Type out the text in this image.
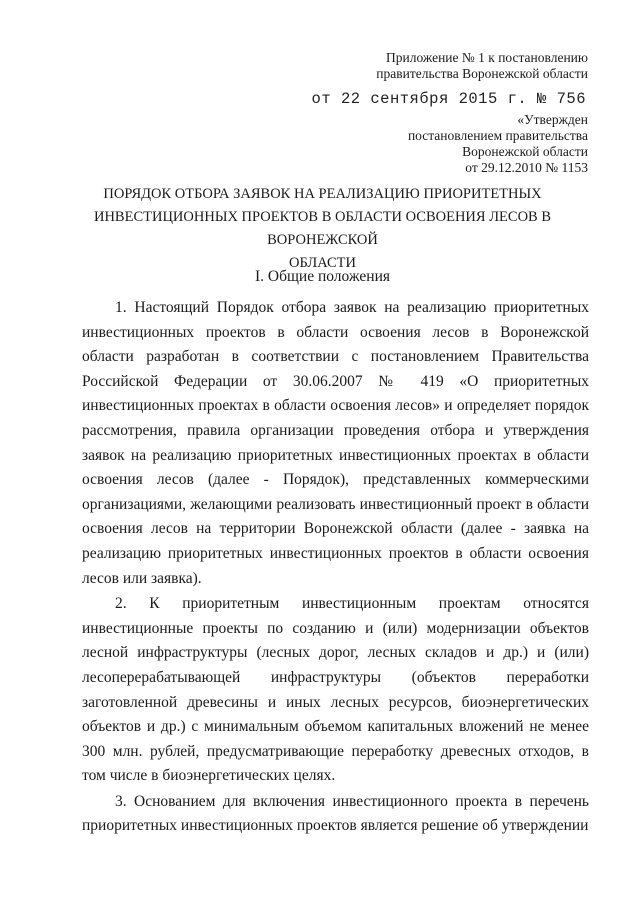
Приложение № 1 к постановлению
правительства Воронежской области
от 22 сентября 2015 г. № 756
«Утвержден
постановлением правительства
Воронежской области
от 29.12.2010 № 1153
ПОРЯДОК ОТБОРА ЗАЯВОК НА РЕАЛИЗАЦИЮ ПРИОРИТЕТНЫХ
ИНВЕСТИЦИОННЫХ ПРОЕКТОВ В ОБЛАСТИ ОСВОЕНИЯ ЛЕСОВ В ВОРОНЕЖСКОЙ
ОБЛАСТИ
I. Общие положения

1. Настоящий Порядок отбора заявок на реализацию приоритетных инвестиционных проектов в области освоения лесов в Воронежской области разработан в соответствии с постановлением Правительства Российской Федерации от 30.06.2007 № 419 «О приоритетных инвестиционных проектах в области освоения лесов» и определяет порядок рассмотрения, правила организации проведения отбора и утверждения заявок на реализацию приоритетных инвестиционных проектах в области освоения лесов (далее - Порядок), представленных коммерческими организациями, желающими реализовать инвестиционный проект в области освоения лесов на территории Воронежской области (далее - заявка на реализацию приоритетных инвестиционных проектов в области освоения лесов или заявка).

2. К приоритетным инвестиционным проектам относятся инвестиционные проекты по созданию и (или) модернизации объектов лесной инфраструктуры (лесных дорог, лесных складов и др.) и (или) лесоперерабатывающей инфраструктуры (объектов переработки заготовленной древесины и иных лесных ресурсов, биоэнергетических объектов и др.) с минимальным объемом капитальных вложений не менее 300 млн. рублей, предусматривающие переработку древесных отходов, в том числе в биоэнергетических целях.

3. Основанием для включения инвестиционного проекта в перечень приоритетных инвестиционных проектов является решение об утверждении
